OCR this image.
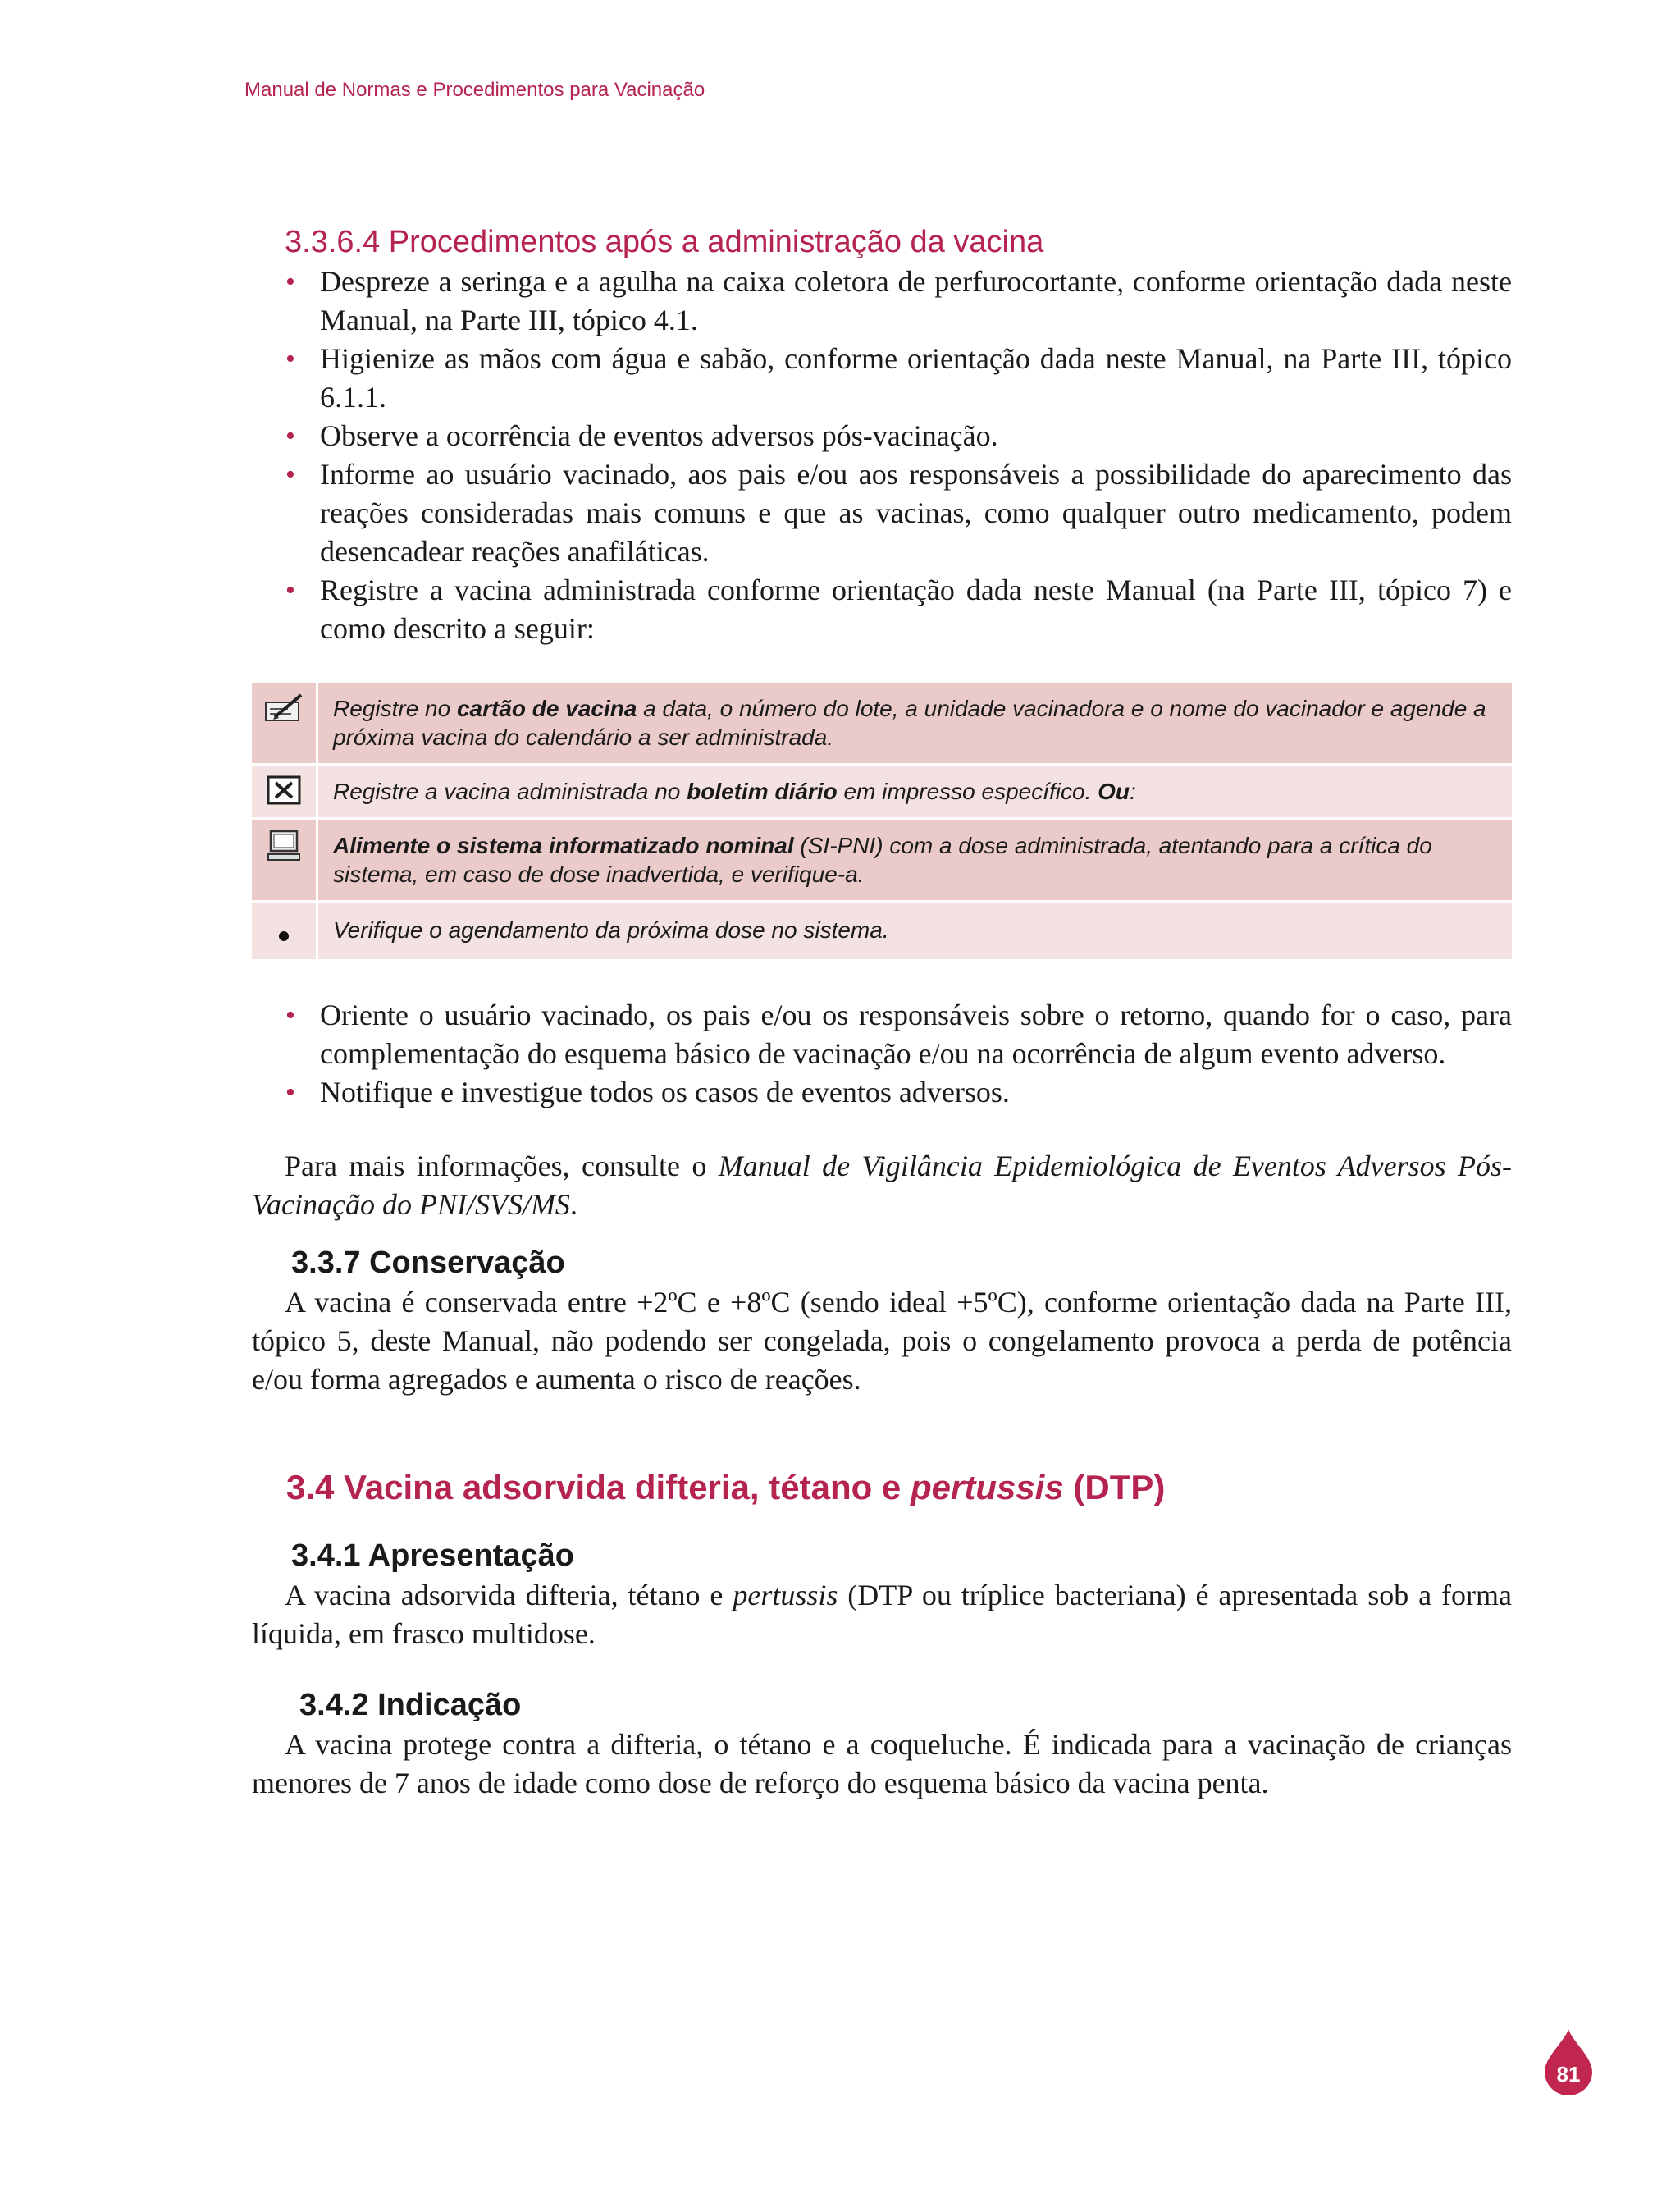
Manual de Normas e Procedimentos para Vacinação
3.3.6.4 Procedimentos após a administração da vacina
• Despreze a seringa e a agulha na caixa coletora de perfurocortante, conforme orientação dada neste Manual, na Parte III, tópico 4.1.
• Higienize as mãos com água e sabão, conforme orientação dada neste Manual, na Parte III, tópico 6.1.1.
• Observe a ocorrência de eventos adversos pós-vacinação.
• Informe ao usuário vacinado, aos pais e/ou aos responsáveis a possibilidade do aparecimento das reações consideradas mais comuns e que as vacinas, como qualquer outro medicamento, podem desencadear reações anafiláticas.
• Registre a vacina administrada conforme orientação dada neste Manual (na Parte III, tópico 7) e como descrito a seguir:
	Registre no cartão de vacina a data, o número do lote, a unidade vacinadora e o nome do vacinador e agende a próxima vacina do calendário a ser administrada.
	Registre a vacina administrada no boletim diário em impresso específico. Ou:
	Alimente o sistema informatizado nominal (SI-PNI) com a dose administrada, atentando para a crítica do sistema, em caso de dose inadvertida, e verifique-a.
	Verifique o agendamento da próxima dose no sistema.
• Oriente o usuário vacinado, os pais e/ou os responsáveis sobre o retorno, quando for o caso, para complementação do esquema básico de vacinação e/ou na ocorrência de algum evento adverso.
• Notifique e investigue todos os casos de eventos adversos.

Para mais informações, consulte o Manual de Vigilância Epidemiológica de Eventos Adversos Pós-Vacinação do PNI/SVS/MS.

3.3.7 Conservação

A vacina é conservada entre +2ºC e +8ºC (sendo ideal +5ºC), conforme orientação dada na Parte III, tópico 5, deste Manual, não podendo ser congelada, pois o congelamento provoca a perda de potência e/ou forma agregados e aumenta o risco de reações.

3.4 Vacina adsorvida difteria, tétano e pertussis (DTP)
3.4.1 Apresentação

A vacina adsorvida difteria, tétano e pertussis (DTP ou tríplice bacteriana) é apresentada sob a forma líquida, em frasco multidose.

3.4.2 Indicação

A vacina protege contra a difteria, o tétano e a coqueluche. É indicada para a vacinação de crianças menores de 7 anos de idade como dose de reforço do esquema básico da vacina penta.

81
